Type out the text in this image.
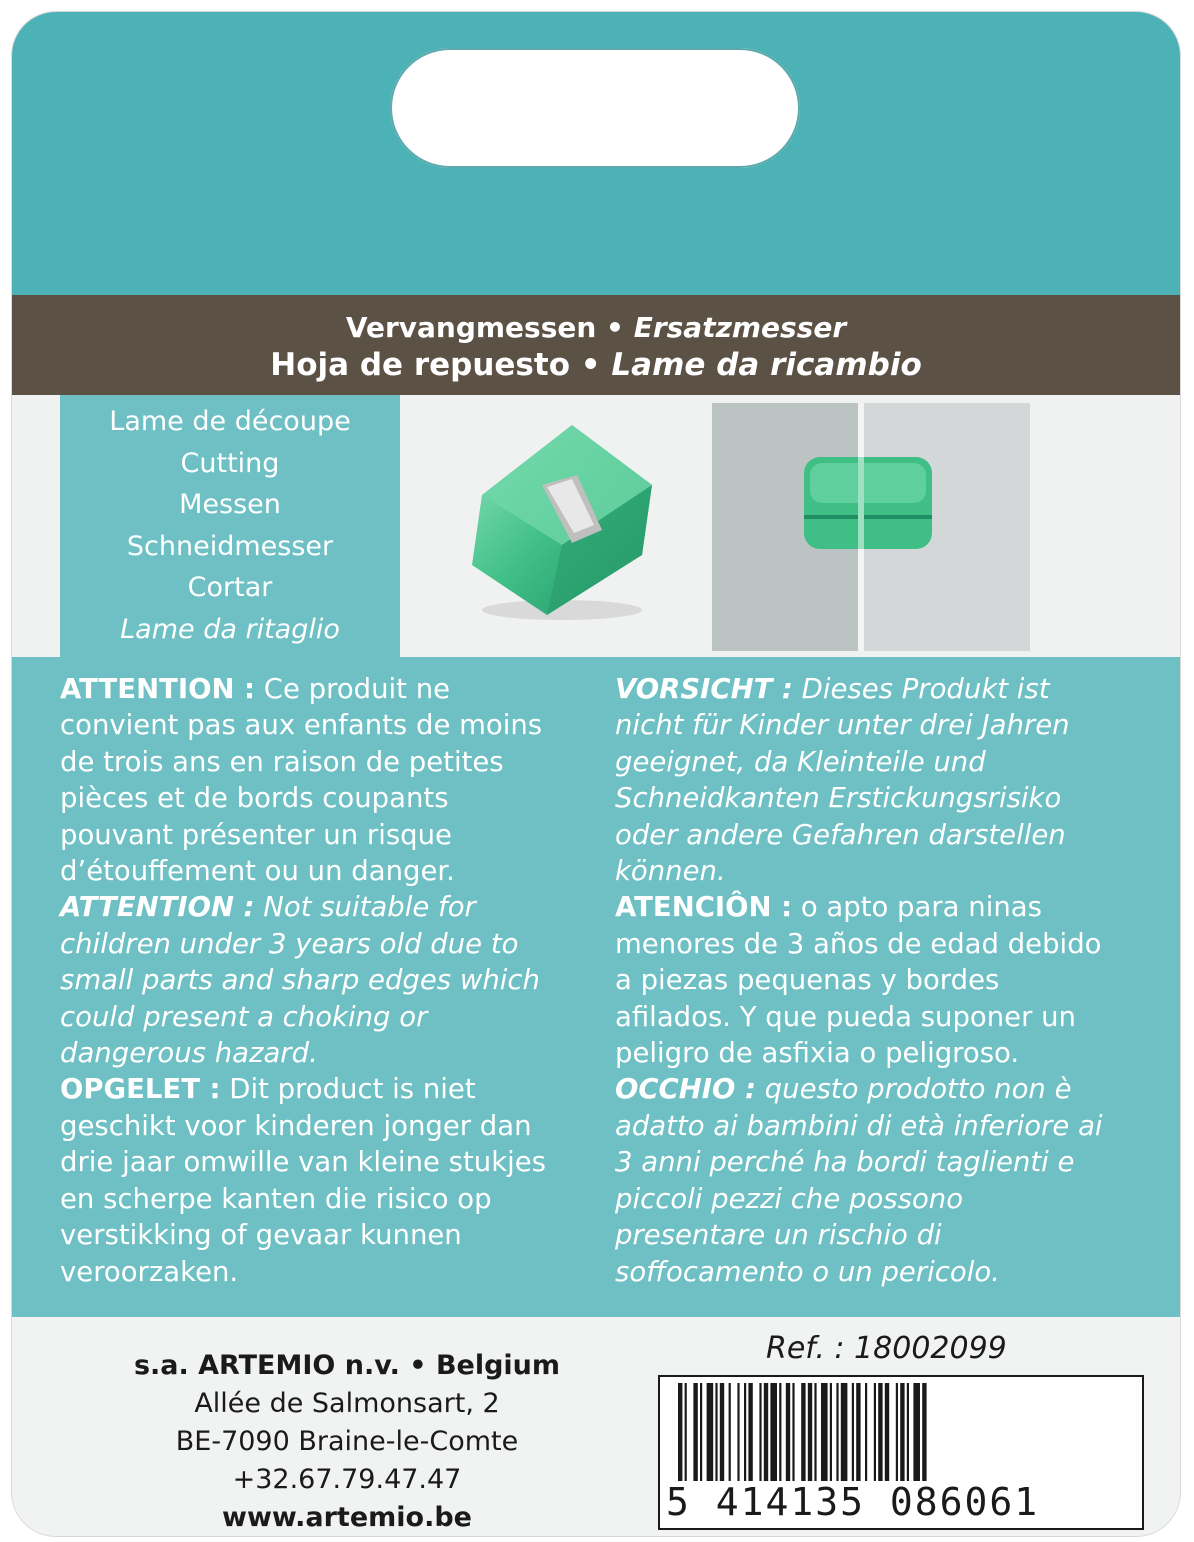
Vervangmessen • Ersatzmesser
Hoja de repuesto • Lame da ricambio
Lame de découpe
Cutting
Messen
Schneidmesser
Cortar
Lame da ritaglio

ATTENTION : Ce produit ne convient pas aux enfants de moins de trois ans en raison de petites pièces et de bords coupants pouvant présenter un risque d’étouffement ou un danger.

ATTENTION : Not suitable for children under 3 years old due to small parts and sharp edges which could present a choking or dangerous hazard.

OPGELET : Dit product is niet geschikt voor kinderen jonger dan drie jaar omwille van kleine stukjes en scherpe kanten die risico op verstikking of gevaar kunnen veroorzaken.

VORSICHT : Dieses Produkt ist nicht für Kinder unter drei Jahren geeignet, da Kleinteile und Schneidkanten Erstickungsrisiko oder andere Gefahren darstellen können.

ATENCIÔN : o apto para ninas menores de 3 años de edad debido a piezas pequenas y bordes afilados. Y que pueda suponer un peligro de asfixia o peligroso.

OCCHIO : questo prodotto non è adatto ai bambini di età inferiore ai 3 anni perché ha bordi taglienti e piccoli pezzi che possono presentare un rischio di soffocamento o un pericolo.

s.a. ARTEMIO n.v. • Belgium
Allée de Salmonsart, 2
BE-7090 Braine-le-Comte
+32.67.79.47.47
www.artemio.be
Ref. : 18002099
5 414135 086061
